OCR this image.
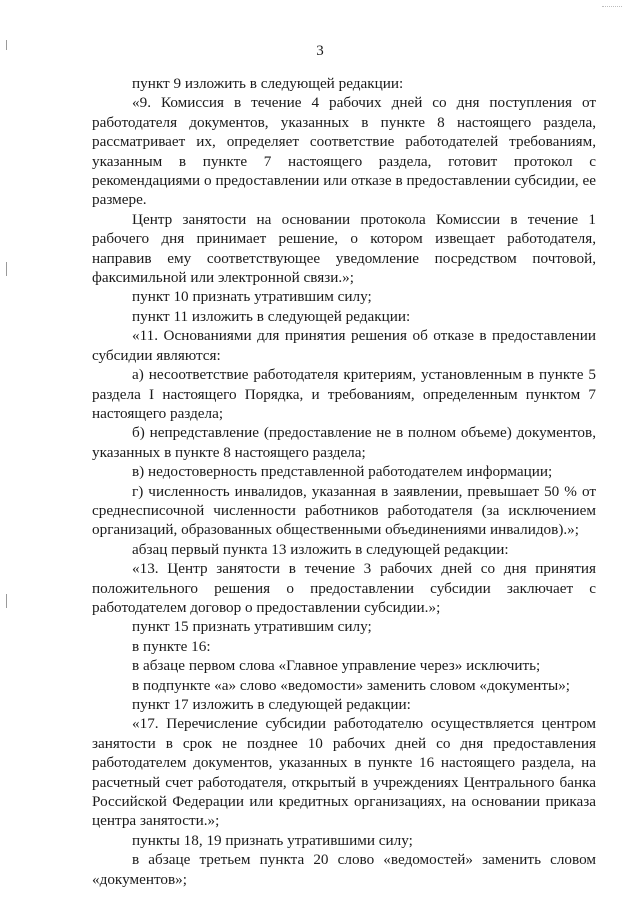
3

пункт 9 изложить в следующей редакции:

«9. Комиссия в течение 4 рабочих дней со дня поступления от работодателя документов, указанных в пункте 8 настоящего раздела, рассматривает их, определяет соответствие работодателей требованиям, указанным в пункте 7 настоящего раздела, готовит протокол с рекомендациями о предоставлении или отказе в предоставлении субсидии, ее размере.

Центр занятости на основании протокола Комиссии в течение 1 рабочего дня принимает решение, о котором извещает работодателя, направив ему соответствующее уведомление посредством почтовой, факсимильной или электронной связи.»;

пункт 10 признать утратившим силу;

пункт 11 изложить в следующей редакции:

«11. Основаниями для принятия решения об отказе в предоставлении субсидии являются:

а) несоответствие работодателя критериям, установленным в пункте 5 раздела I настоящего Порядка, и требованиям, определенным пунктом 7 настоящего раздела;

б) непредставление (предоставление не в полном объеме) документов, указанных в пункте 8 настоящего раздела;

в) недостоверность представленной работодателем информации;

г) численность инвалидов, указанная в заявлении, превышает 50 % от среднесписочной численности работников работодателя (за исключением организаций, образованных общественными объединениями инвалидов).»;

абзац первый пункта 13 изложить в следующей редакции:

«13. Центр занятости в течение 3 рабочих дней со дня принятия положительного решения о предоставлении субсидии заключает с работодателем договор о предоставлении субсидии.»;

пункт 15 признать утратившим силу;

в пункте 16:

в абзаце первом слова «Главное управление через» исключить;

в подпункте «а» слово «ведомости» заменить словом «документы»;

пункт 17 изложить в следующей редакции:

«17. Перечисление субсидии работодателю осуществляется центром занятости в срок не позднее 10 рабочих дней со дня предоставления работодателем документов, указанных в пункте 16 настоящего раздела, на расчетный счет работодателя, открытый в учреждениях Центрального банка Российской Федерации или кредитных организациях, на основании приказа центра занятости.»;

пункты 18, 19 признать утратившими силу;

в абзаце третьем пункта 20 слово «ведомостей» заменить словом «документов»;
